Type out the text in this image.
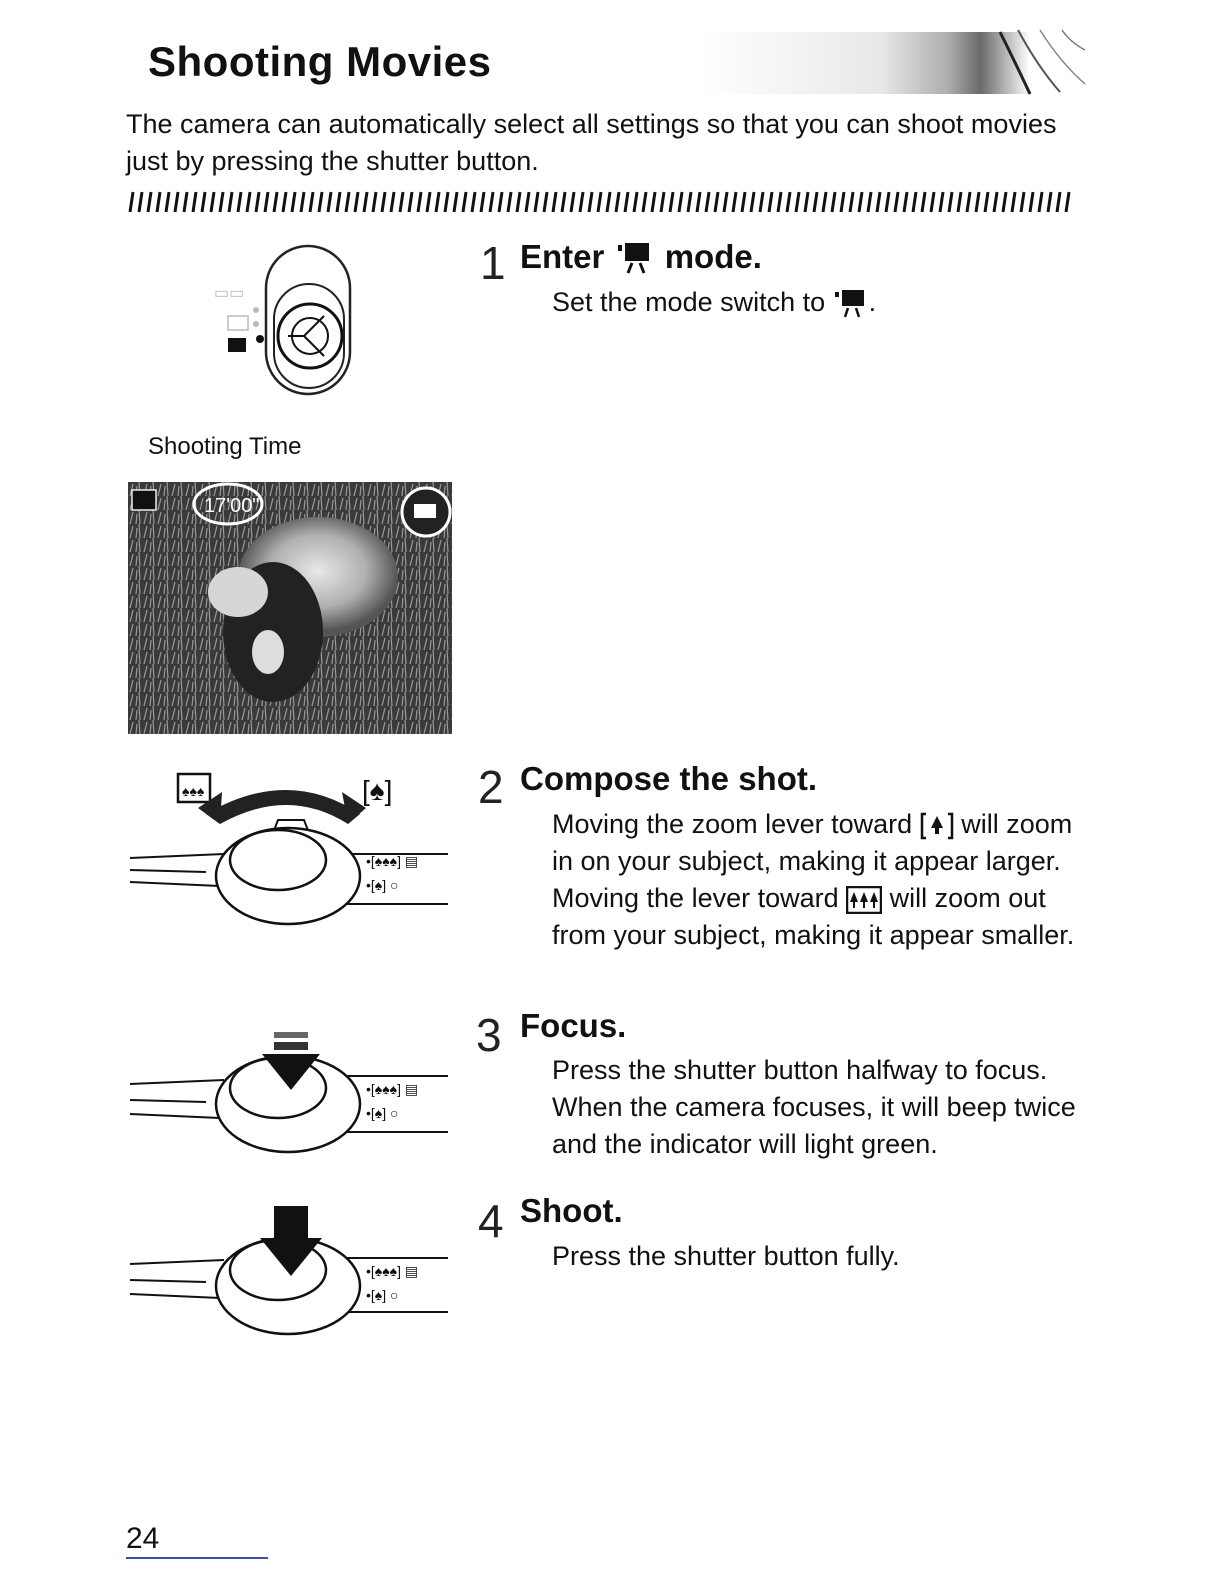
Shooting Movies
The camera can automatically select all settings so that you can shoot movies just by pressing the shutter button.
▭▭
Shooting Time
17'00"
♠♠♠	[♠]
•[♠♠♠] ▤
•[♠] ○
•[♠♠♠] ▤
•[♠] ○
•[♠♠♠] ▤
•[♠] ○
1 Enter mode.
Set the mode switch to .
2 Compose the shot.
Moving the zoom lever toward will zoom in on your subject, making it appear larger. Moving the lever toward will zoom out from your subject, making it appear smaller.
3 Focus.
Press the shutter button halfway to focus. When the camera focuses, it will beep twice and the indicator will light green.
4 Shoot.
Press the shutter button fully.
24
